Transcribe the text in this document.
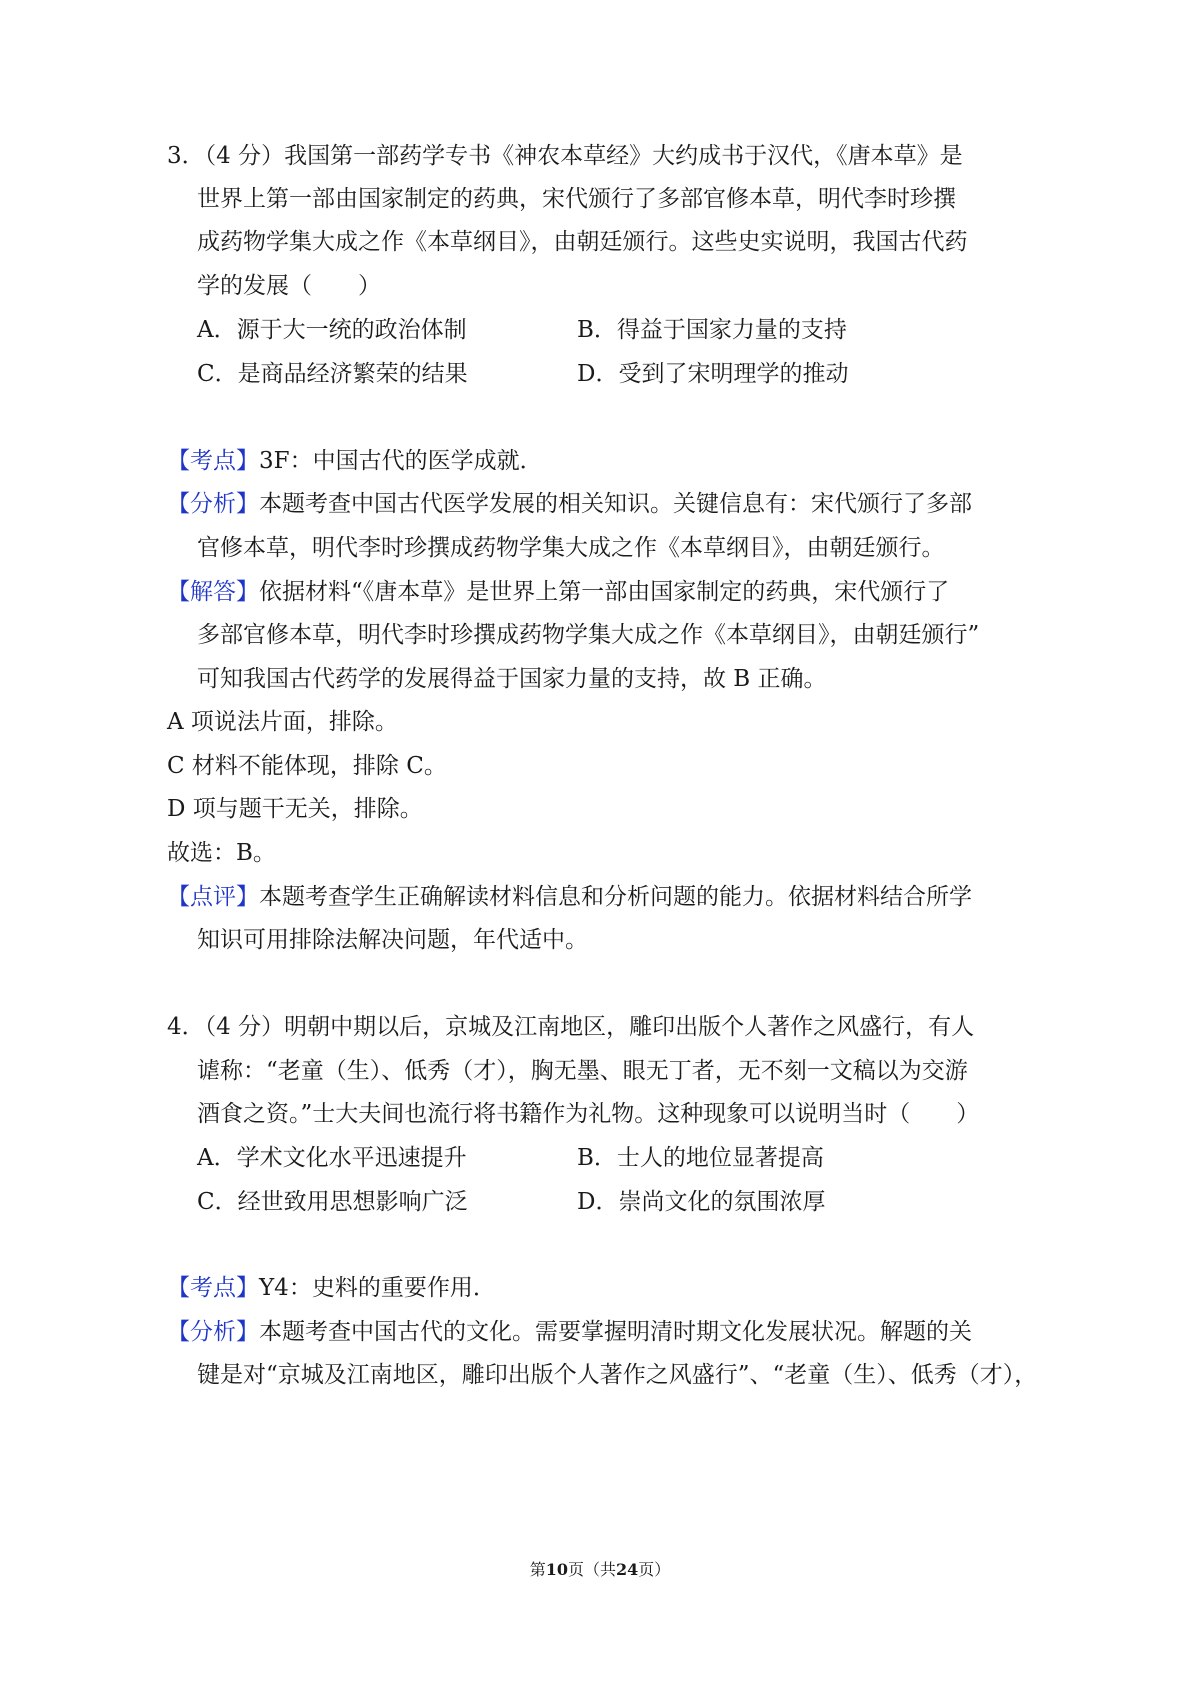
3．（4 分）我国第一部药学专书《神农本草经》大约成书于汉代，《唐本草》是
世界上第一部由国家制定的药典，宋代颁行了多部官修本草，明代李时珍撰
成药物学集大成之作《本草纲目》，由朝廷颁行。这些史实说明，我国古代药
学的发展（　　）
A．源于大一统的政治体制	B．得益于国家力量的支持
C．是商品经济繁荣的结果	D．受到了宋明理学的推动
【考点】3F：中国古代的医学成就．
【分析】本题考查中国古代医学发展的相关知识。关键信息有：宋代颁行了多部
官修本草，明代李时珍撰成药物学集大成之作《本草纲目》，由朝廷颁行。
【解答】依据材料“《唐本草》是世界上第一部由国家制定的药典，宋代颁行了
多部官修本草，明代李时珍撰成药物学集大成之作《本草纲目》，由朝廷颁行”
可知我国古代药学的发展得益于国家力量的支持，故 B 正确。
A 项说法片面，排除。
C 材料不能体现，排除 C。
D 项与题干无关，排除。
故选：B。
【点评】本题考查学生正确解读材料信息和分析问题的能力。依据材料结合所学
知识可用排除法解决问题，年代适中。
4．（4 分）明朝中期以后，京城及江南地区，雕印出版个人著作之风盛行，有人
谑称：“老童（生）、低秀（才），胸无墨、眼无丁者，无不刻一文稿以为交游
酒食之资。”士大夫间也流行将书籍作为礼物。这种现象可以说明当时（　　）
A．学术文化水平迅速提升	B．士人的地位显著提高
C．经世致用思想影响广泛	D．崇尚文化的氛围浓厚
【考点】Y4：史料的重要作用．
【分析】本题考查中国古代的文化。需要掌握明清时期文化发展状况。解题的关
键是对“京城及江南地区，雕印出版个人著作之风盛行”、“老童（生）、低秀（才），
第10页（共24页）
